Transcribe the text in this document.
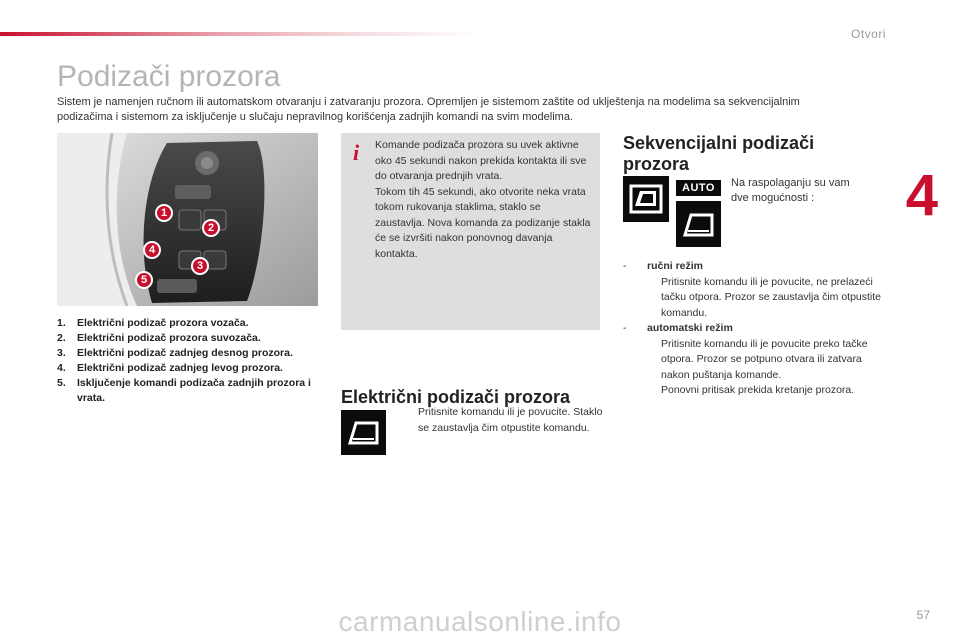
Otvori
4
Podizači prozora

Sistem je namenjen ručnom ili automatskom otvaranju i zatvaranju prozora. Opremljen je sistemom zaštite od uklještenja na modelima sa sekvencijalnim podizačima i sistemom za isključenje u slučaju nepravilnog korišćenja zadnjih komandi na svim modelima.

1
2
3
4
5
1. Električni podizač prozora vozača.
2. Električni podizač prozora suvozača.
3. Električni podizač zadnjeg desnog prozora.
4. Električni podizač zadnjeg levog prozora.
5. Isključenje komandi podizača zadnjih prozora i vrata.
i Komande podizača prozora su uvek aktivne oko 45 sekundi nakon prekida kontakta ili sve do otvaranja prednjih vrata.
Tokom tih 45 sekundi, ako otvorite neka vrata tokom rukovanja staklima, staklo se zaustavlja. Nova komanda za podizanje stakla će se izvršiti nakon ponovnog davanja kontakta.
Sekvencijalni podizači prozora
AUTO	Na raspolaganju su vam
dve mogućnosti :
- ručni režim
Pritisnite komandu ili je povucite, ne prelazeći tačku otpora. Prozor se zaustavlja čim otpustite komandu.
- automatski režim
Pritisnite komandu ili je povucite preko tačke otpora. Prozor se potpuno otvara ili zatvara nakon puštanja komande.
Ponovni pritisak prekida kretanje prozora.
Električni podizači prozora
Pritisnite komandu ili je povucite. Staklo se zaustavlja čim otpustite komandu.
carmanualsonline.info	57
